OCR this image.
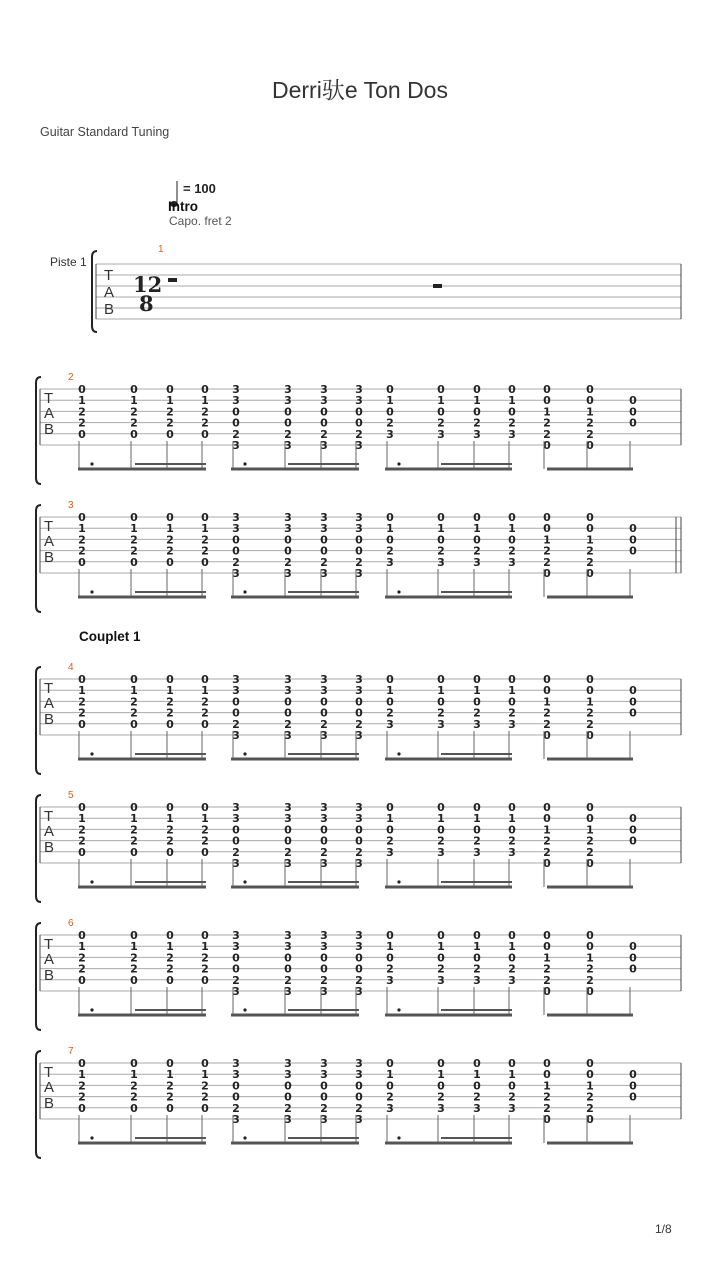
Derri驮e Ton Dos
Guitar Standard Tuning
= 100
Intro
Capo. fret 2
Piste 1
Couplet 1
1/8
T
A
B
12
8
1
T
A
B
2
0
1
2
2
0
0
1
2
2
0
0
1
2
2
0
0
1
2
2
0
3
3
0
0
2
3
3
3
0
0
2
3
3
3
0
0
2
3
3
3
0
0
2
3
0
1
0
2
3
0
1
0
2
3
0
1
0
2
3
0
1
0
2
3
0
0
1
2
2
0
0
0
1
2
2
0
0
0
0
T
A
B
3
0
1
2
2
0
0
1
2
2
0
0
1
2
2
0
0
1
2
2
0
3
3
0
0
2
3
3
3
0
0
2
3
3
3
0
0
2
3
3
3
0
0
2
3
0
1
0
2
3
0
1
0
2
3
0
1
0
2
3
0
1
0
2
3
0
0
1
2
2
0
0
0
1
2
2
0
0
0
0
T
A
B
4
0
1
2
2
0
0
1
2
2
0
0
1
2
2
0
0
1
2
2
0
3
3
0
0
2
3
3
3
0
0
2
3
3
3
0
0
2
3
3
3
0
0
2
3
0
1
0
2
3
0
1
0
2
3
0
1
0
2
3
0
1
0
2
3
0
0
1
2
2
0
0
0
1
2
2
0
0
0
0
T
A
B
5
0
1
2
2
0
0
1
2
2
0
0
1
2
2
0
0
1
2
2
0
3
3
0
0
2
3
3
3
0
0
2
3
3
3
0
0
2
3
3
3
0
0
2
3
0
1
0
2
3
0
1
0
2
3
0
1
0
2
3
0
1
0
2
3
0
0
1
2
2
0
0
0
1
2
2
0
0
0
0
T
A
B
6
0
1
2
2
0
0
1
2
2
0
0
1
2
2
0
0
1
2
2
0
3
3
0
0
2
3
3
3
0
0
2
3
3
3
0
0
2
3
3
3
0
0
2
3
0
1
0
2
3
0
1
0
2
3
0
1
0
2
3
0
1
0
2
3
0
0
1
2
2
0
0
0
1
2
2
0
0
0
0
T
A
B
7
0
1
2
2
0
0
1
2
2
0
0
1
2
2
0
0
1
2
2
0
3
3
0
0
2
3
3
3
0
0
2
3
3
3
0
0
2
3
3
3
0
0
2
3
0
1
0
2
3
0
1
0
2
3
0
1
0
2
3
0
1
0
2
3
0
0
1
2
2
0
0
0
1
2
2
0
0
0
0
